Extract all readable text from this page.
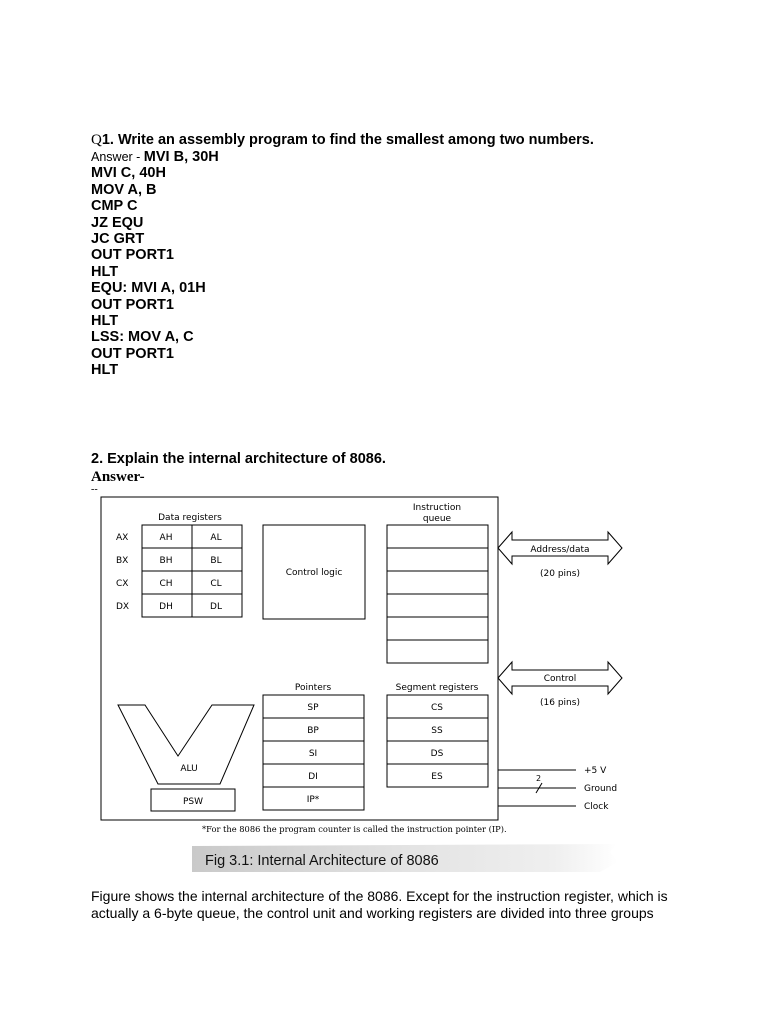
Q1. Write an assembly program to find the smallest among two numbers.
Answer - MVI B, 30H
MVI C, 40H
MOV A, B
CMP C
JZ EQU
JC GRT
OUT PORT1
HLT
EQU: MVI A, 01H
OUT PORT1
HLT
LSS: MOV A, C
OUT PORT1
HLT
2. Explain the internal architecture of 8086.
Answer-
--
Data registers
AX
BX
CX
DX
AH
BH
CH
DH
AL
BL
CL
DL
Control logic
Instruction
queue
Address/data
(20 pins)
Control
(16 pins)
Pointers
SP
BP
SI
DI
IP*
Segment registers
CS
SS
DS
ES
ALU
PSW
2
+5 V
Ground
Clock
*For the 8086 the program counter is called the instruction pointer (IP).
Fig 3.1: Internal Architecture of 8086
Figure shows the internal architecture of the 8086. Except for the instruction register, which is actually a 6-byte queue, the control unit and working registers are divided into three groups
